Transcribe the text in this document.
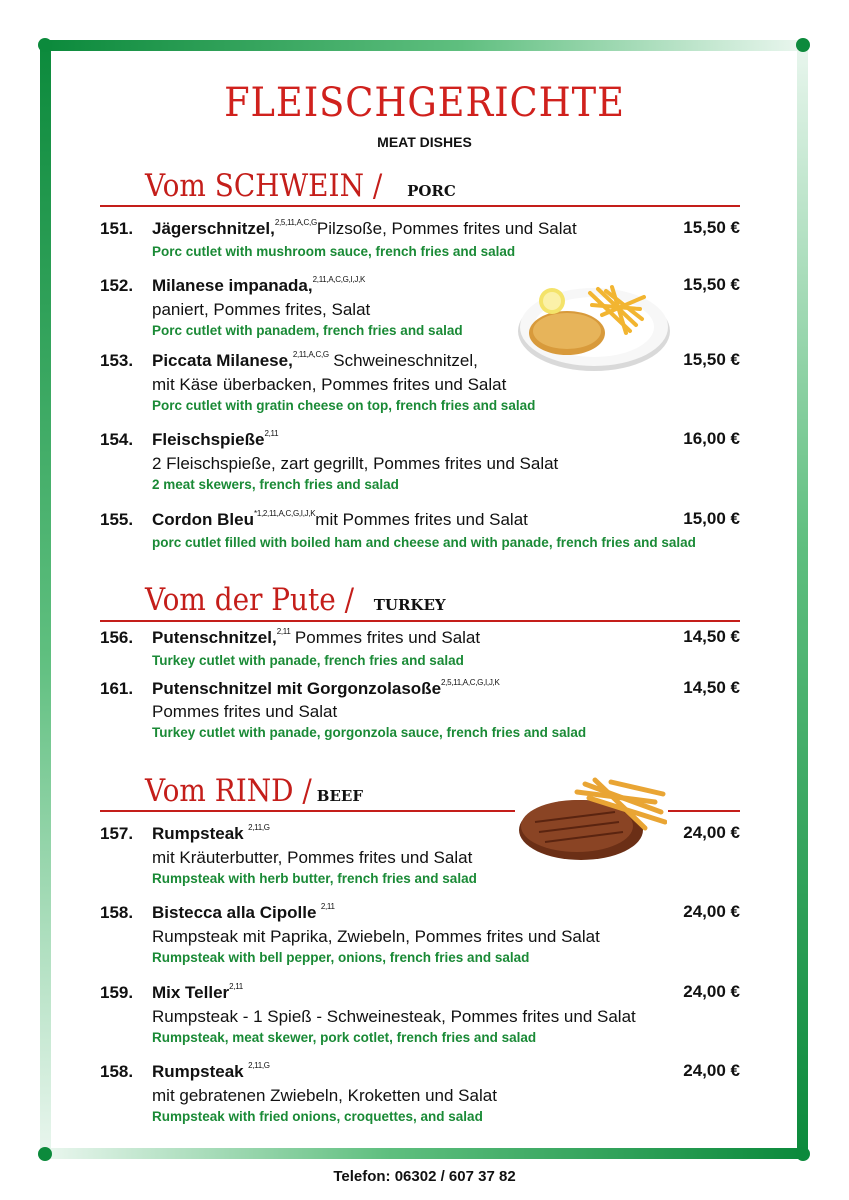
FLEISCHGERICHTE
MEAT DISHES
Vom SCHWEIN / PORC
Vom der Pute / TURKEY
Vom RIND / BEEF
151. Jägerschnitzel,$^{2,5,11,A,C,G}$Pilzsoße, Pommes frites und Salat	15,50 €
Porc cutlet with mushroom sauce, french fries and salad
152. Milanese impanada,$^{2,11,A,C,G,I,J,K}$	15,50 €
paniert, Pommes frites, Salat
Porc cutlet with panadem, french fries and salad
153. Piccata Milanese,$^{2,11,A,C,G}$ Schweineschnitzel,	15,50 €
mit Käse überbacken, Pommes frites und Salat
Porc cutlet with gratin cheese on top, french fries and salad
154. Fleischspieße$^{2,11}$	16,00 €
2 Fleischspieße, zart gegrillt, Pommes frites und Salat
2 meat skewers, french fries and salad
155. Cordon Bleu$^{*1,2,11,A,C,G,I,J,K}$mit Pommes frites und Salat	15,00 €
porc cutlet filled with boiled ham and cheese and with panade, french fries and salad
156. Putenschnitzel,$^{2,11}$ Pommes frites und Salat	14,50 €
Turkey cutlet with panade, french fries and salad
161. Putenschnitzel mit Gorgonzolasoße$^{2,5,11,A,C,G,I,J,K}$	14,50 €
Pommes frites und Salat
Turkey cutlet with panade, gorgonzola sauce, french fries and salad
157. Rumpsteak $^{2,11,G}$	24,00 €
mit Kräuterbutter, Pommes frites und Salat
Rumpsteak with herb butter, french fries and salad
158. Bistecca alla Cipolle $^{2,11}$	24,00 €
Rumpsteak mit Paprika, Zwiebeln, Pommes frites und Salat
Rumpsteak with bell pepper, onions, french fries and salad
159. Mix Teller$^{2,11}$	24,00 €
Rumpsteak - 1 Spieß - Schweinesteak, Pommes frites und Salat
Rumpsteak, meat skewer, pork cotlet, french fries and salad
158. Rumpsteak $^{2,11,G}$	24,00 €
mit gebratenen Zwiebeln, Kroketten und Salat
Rumpsteak with fried onions, croquettes, and salad
Telefon: 06302 / 607 37 82
